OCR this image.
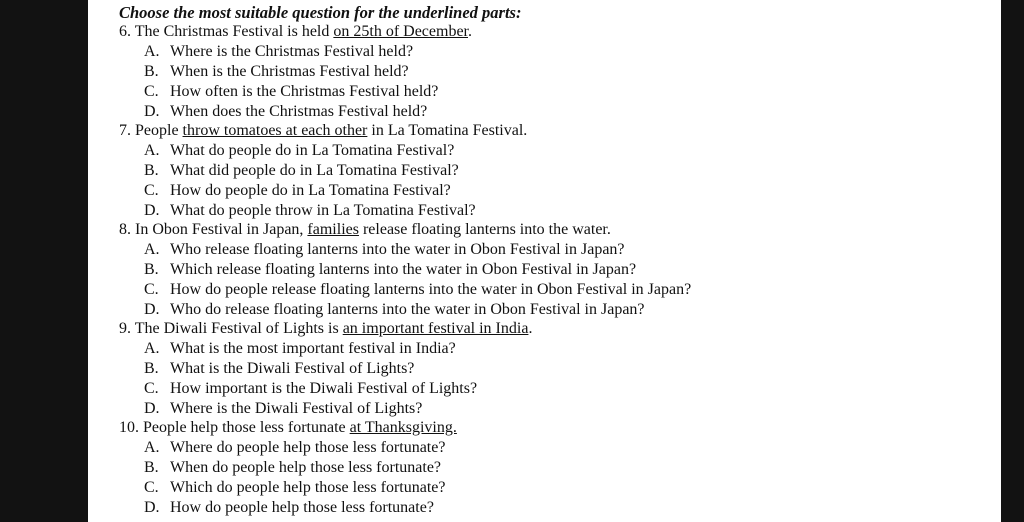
Choose the most suitable question for the underlined parts:
6. The Christmas Festival is held on 25th of December.
A. Where is the Christmas Festival held?
B. When is the Christmas Festival held?
C. How often is the Christmas Festival held?
D. When does the Christmas Festival held?
7. People throw tomatoes at each other in La Tomatina Festival.
A. What do people do in La Tomatina Festival?
B. What did people do in La Tomatina Festival?
C. How do people do in La Tomatina Festival?
D. What do people throw in La Tomatina Festival?
8. In Obon Festival in Japan, families release floating lanterns into the water.
A. Who release floating lanterns into the water in Obon Festival in Japan?
B. Which release floating lanterns into the water in Obon Festival in Japan?
C. How do people release floating lanterns into the water in Obon Festival in Japan?
D. Who do release floating lanterns into the water in Obon Festival in Japan?
9. The Diwali Festival of Lights is an important festival in India.
A. What is the most important festival in India?
B. What is the Diwali Festival of Lights?
C. How important is the Diwali Festival of Lights?
D. Where is the Diwali Festival of Lights?
10. People help those less fortunate at Thanksgiving.
A. Where do people help those less fortunate?
B. When do people help those less fortunate?
C. Which do people help those less fortunate?
D. How do people help those less fortunate?
